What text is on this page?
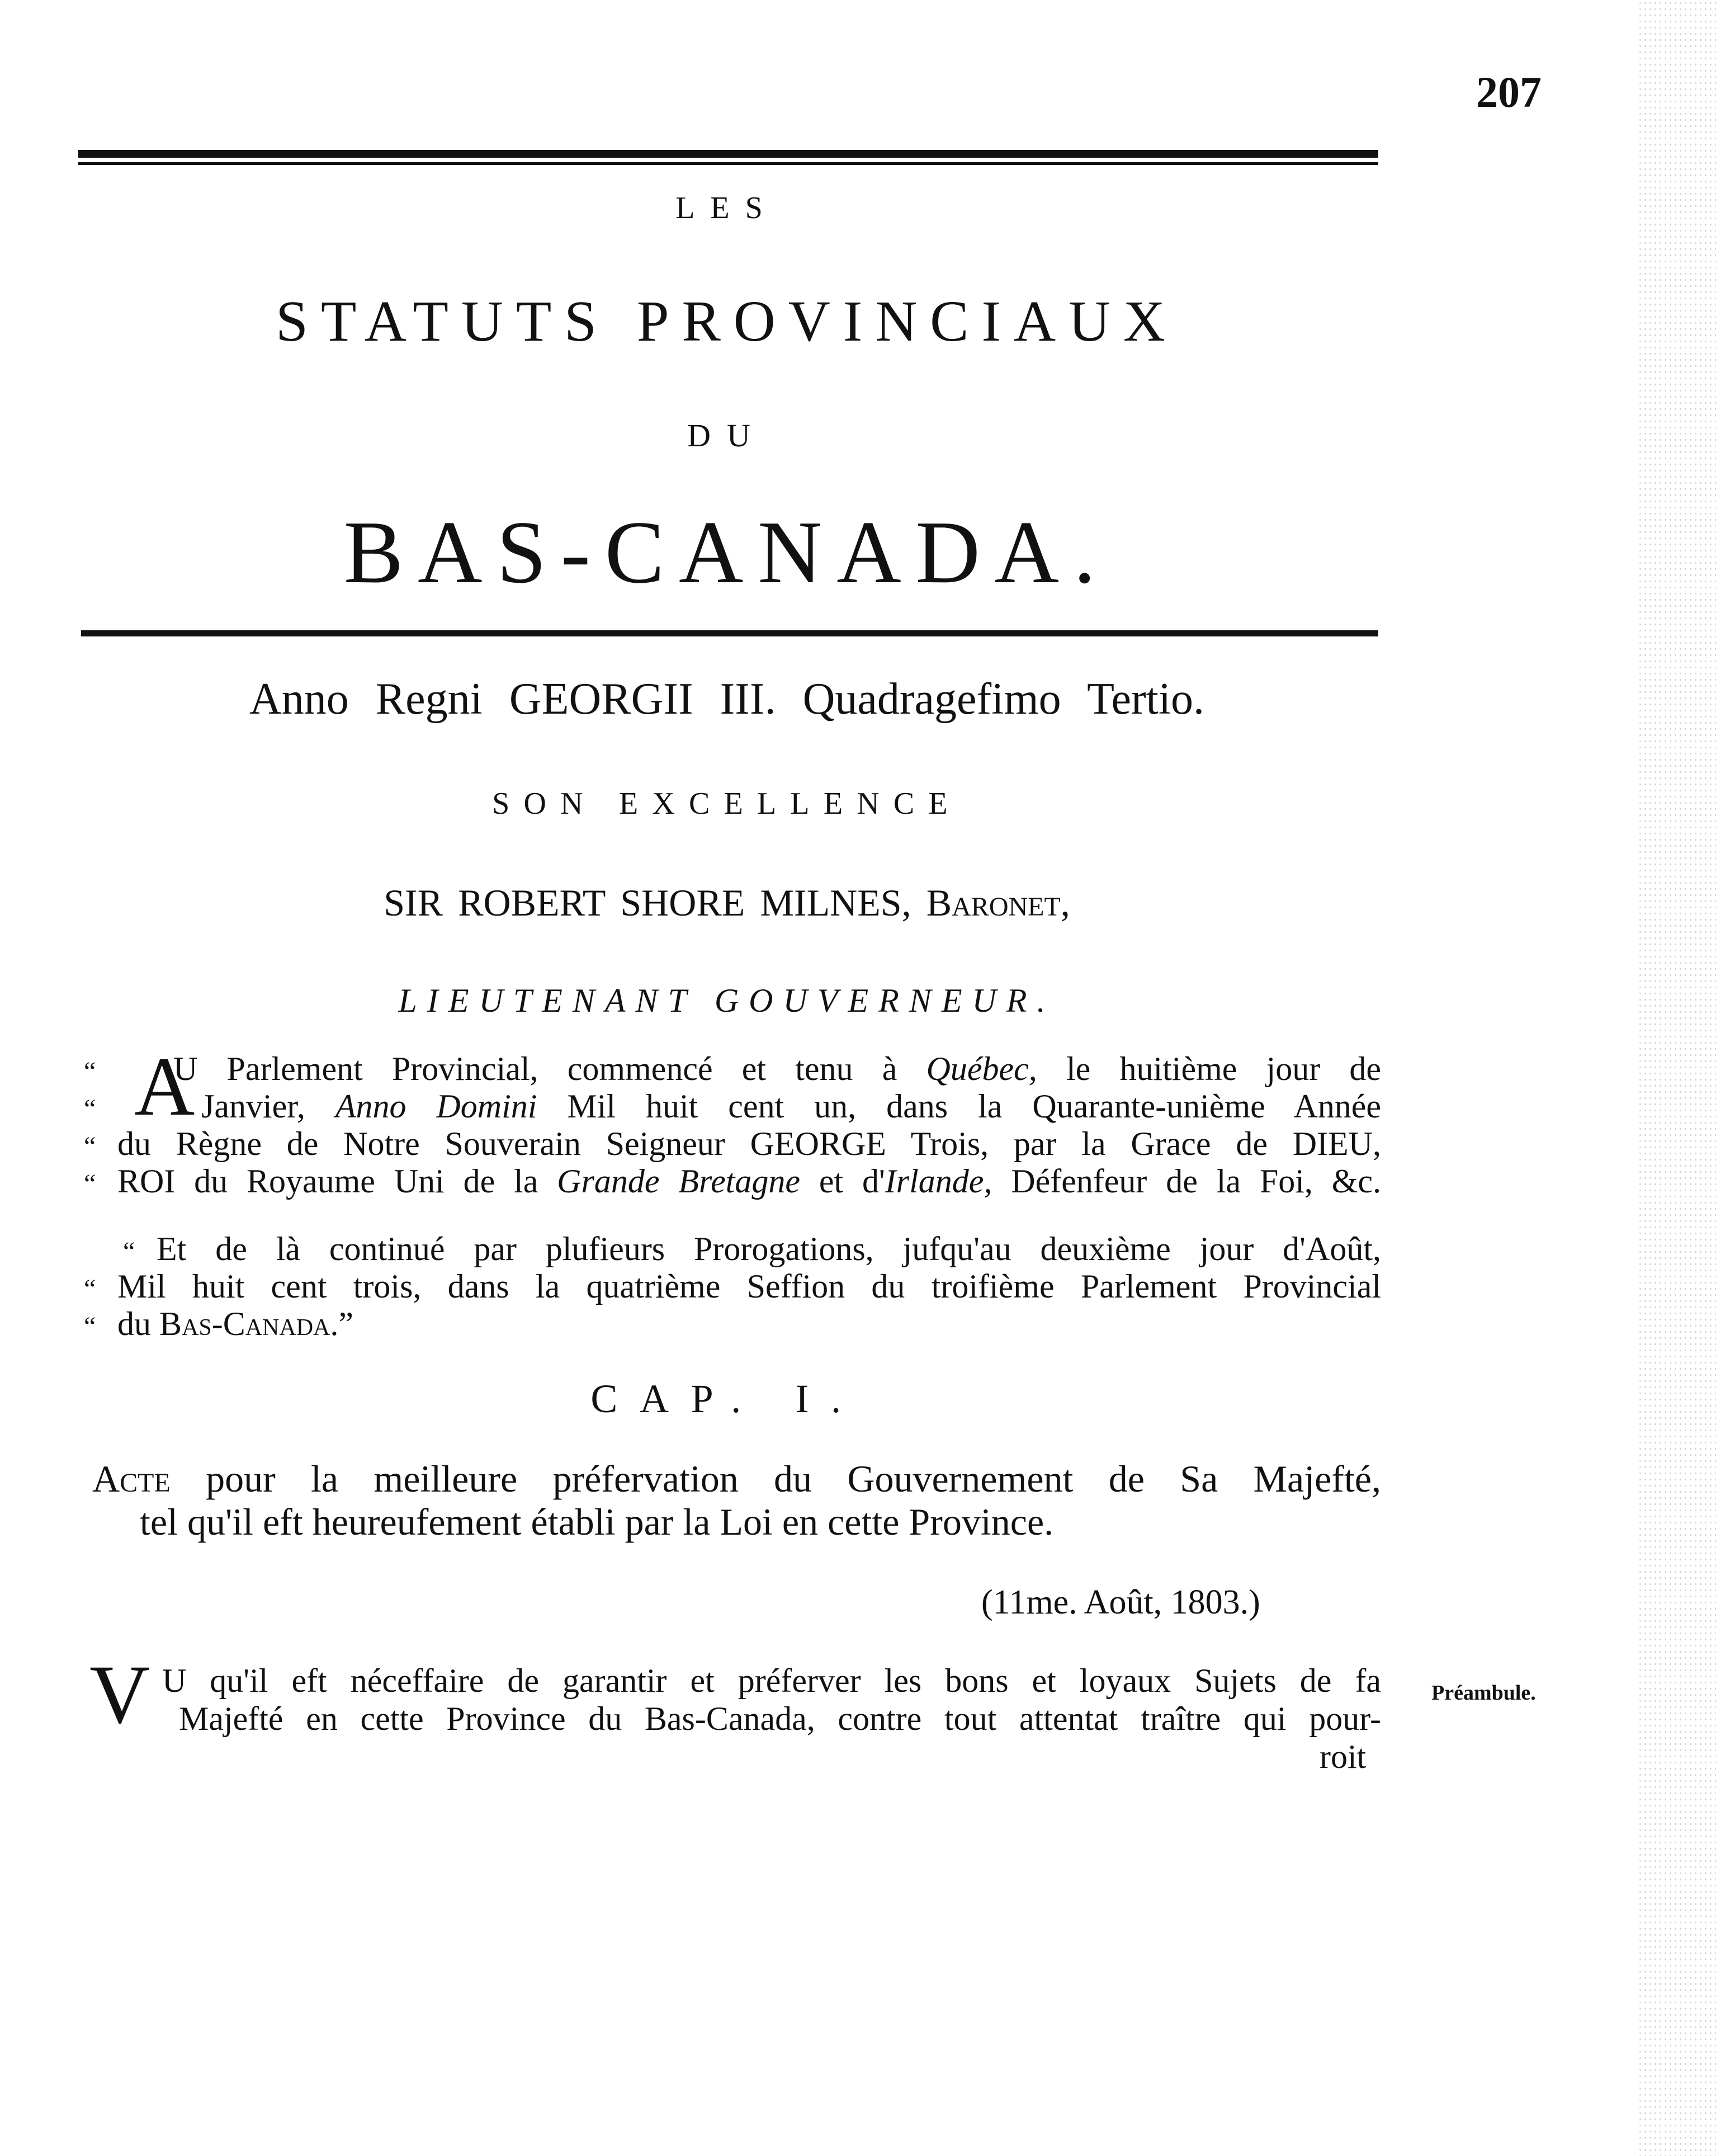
207
LES
STATUTS PROVINCIAUX
DU
BAS-CANADA.
Anno Regni GEORGII III. Quadragefimo Tertio.
SON EXCELLENCE
SIR ROBERT SHORE MILNES, Baronet,
LIEUTENANT GOUVERNEUR.
A
“ U Parlement Provincial, commencé et tenu à Québec, le huitième jour de
“	Janvier, Anno Domini Mil huit cent un, dans la Quarante-unième Année
“ du Règne de Notre Souverain Seigneur GEORGE Trois, par la Grace de DIEU,
“ ROI du Royaume Uni de la Grande Bretagne et d'Irlande, Défenfeur de la Foi, &c.
“ Et de là continué par plufieurs Prorogations, jufqu'au deuxième jour d'Août,
“ Mil huit cent trois, dans la quatrième Seffion du troifième Parlement Provincial
“ du Bas-Canada.”
CAP. I.
Acte pour la meilleure préfervation du Gouvernement de Sa Majefté,
tel qu'il eft heureufement établi par la Loi en cette Province.
(11me. Août, 1803.)
V U qu'il eft néceffaire de garantir et préferver les bons et loyaux Sujets de fa
Majefté en cette Province du Bas-Canada, contre tout attentat traître qui pour-
roit
Préambule.
